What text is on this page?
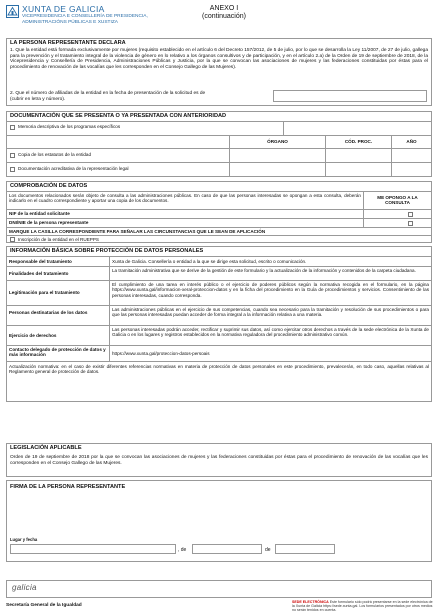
XUNTA DE GALICIA
VICEPRESIDENCIA E CONSELLERÍA DE PRESIDENCIA,
ADMINISTRACIÓNS PÚBLICAS E XUSTIZA
ANEXO I
(continuación)
LA PERSONA REPRESENTANTE DECLARA
1. Que la entidad está formada exclusivamente por mujeres (requisito establecido en el artículo 6 del Decreto 157/2012, de 5 de julio, por lo que se desarrolla la Ley 11/2007, de 27 de julio, gallega para la prevención y el tratamiento integral de la violencia de género en lo relativo a los órganos consultivos y de participación, y en el artículo 2.a) de la Orden de 19 de septiembre de 2018, de la Vicepresidencia y Consellería de Presidencia, Administraciones Públicas y Justicia, por la que se convocan las asociaciones de mujeres y las federaciones constituidas por éstas para el procedimiento de renovación de las vocalías que les corresponden en el Consejo Gallego de las Mujeres).
2. Que el número de afiliadas de la entidad en la fecha de presentación de la solicitud es de
(cubrir en letra y número).
DOCUMENTACIÓN QUE SE PRESENTA O YA PRESENTADA CON ANTERIORIDAD
Memoria descriptiva de los programas específicos
ÓRGANO	CÓD. PROC.	AÑO
Copia de los estatutos de la entidad
Documentación acreditativa de la representación legal
COMPROBACIÓN DE DATOS
Los documentos relacionados serán objeto de consulta a las administraciones públicas. En caso de que las personas interesadas se opongan a esta consulta, deberán indicarlo en el cuadro correspondiente y aportar una copia de los documentos.
ME OPONGO A LA CONSULTA
NIF de la entidad solicitante
DNI/NIE de la persona representante
MARQUE LA CASILLA CORRESPONDIENTE PARA SEÑALAR LAS CIRCUNSTANCIAS QUE LE SEAN DE APLICACIÓN
Inscripción de la entidad en el RUEPPS
INFORMACIÓN BÁSICA SOBRE PROTECCIÓN DE DATOS PERSONALES
Responsable del tratamiento	Xunta de Galicia. Consellería o entidad a la que se dirige esta solicitud, escrito o comunicación.
Finalidades del tratamiento
La tramitación administrativa que se derive de la gestión de este formulario y la actualización de la información y contenidos de la carpeta ciudadana.
Legitimación para el tratamiento
El cumplimiento de una tarea en interés público o el ejercicio de poderes públicos según la normativa recogida en el formulario, en la página https://www.xunta.gal/informacion-xeral-proteccion-datos y en la ficha del procedimiento en la Guía de procedimientos y servicios. Consentimiento de las personas interesadas, cuando corresponda.
Personas destinatarias de los datos
Las administraciones públicas en el ejercicio de sus competencias, cuando sea necesario para la tramitación y resolución de sus procedimientos o para que las personas interesadas puedan acceder de forma integral a la información relativa a una materia.
Ejercicio de derechos
Las personas interesadas podrán acceder, rectificar y suprimir sus datos, así como ejercitar otros derechos a través de la sede electrónica de la Xunta de Galicia o en los lugares y registros establecidos en la normativa reguladora del procedimiento administrativo común.
Contacto delegado de protección de datos y más información	https://www.xunta.gal/proteccion-datos-persoais
Actualización normativa: en el caso de existir diferentes referencias normativas en materia de protección de datos personales en este procedimiento, prevalecerán, en todo caso, aquellas relativas al Reglamento general de protección de datos.
LEGISLACIÓN APLICABLE
Orden de 19 de septiembre de 2018 por la que se convocan las asociaciones de mujeres y las federaciones constituidas por éstas para el procedimiento de renovación de las vocalías que les corresponden en el Consejo Gallego de las Mujeres.
FIRMA DE LA PERSONA REPRESENTANTE
Lugar y fecha
, de	de
galicia
Secretaría General de la Igualdad
SEDE ELECTRÓNICA Este formulario sólo podrá presentarse en la sede electrónica de la Xunta de Galicia https://sede.xunta.gal. Los formularios presentados por otros medios no serán tenidos en cuenta.
